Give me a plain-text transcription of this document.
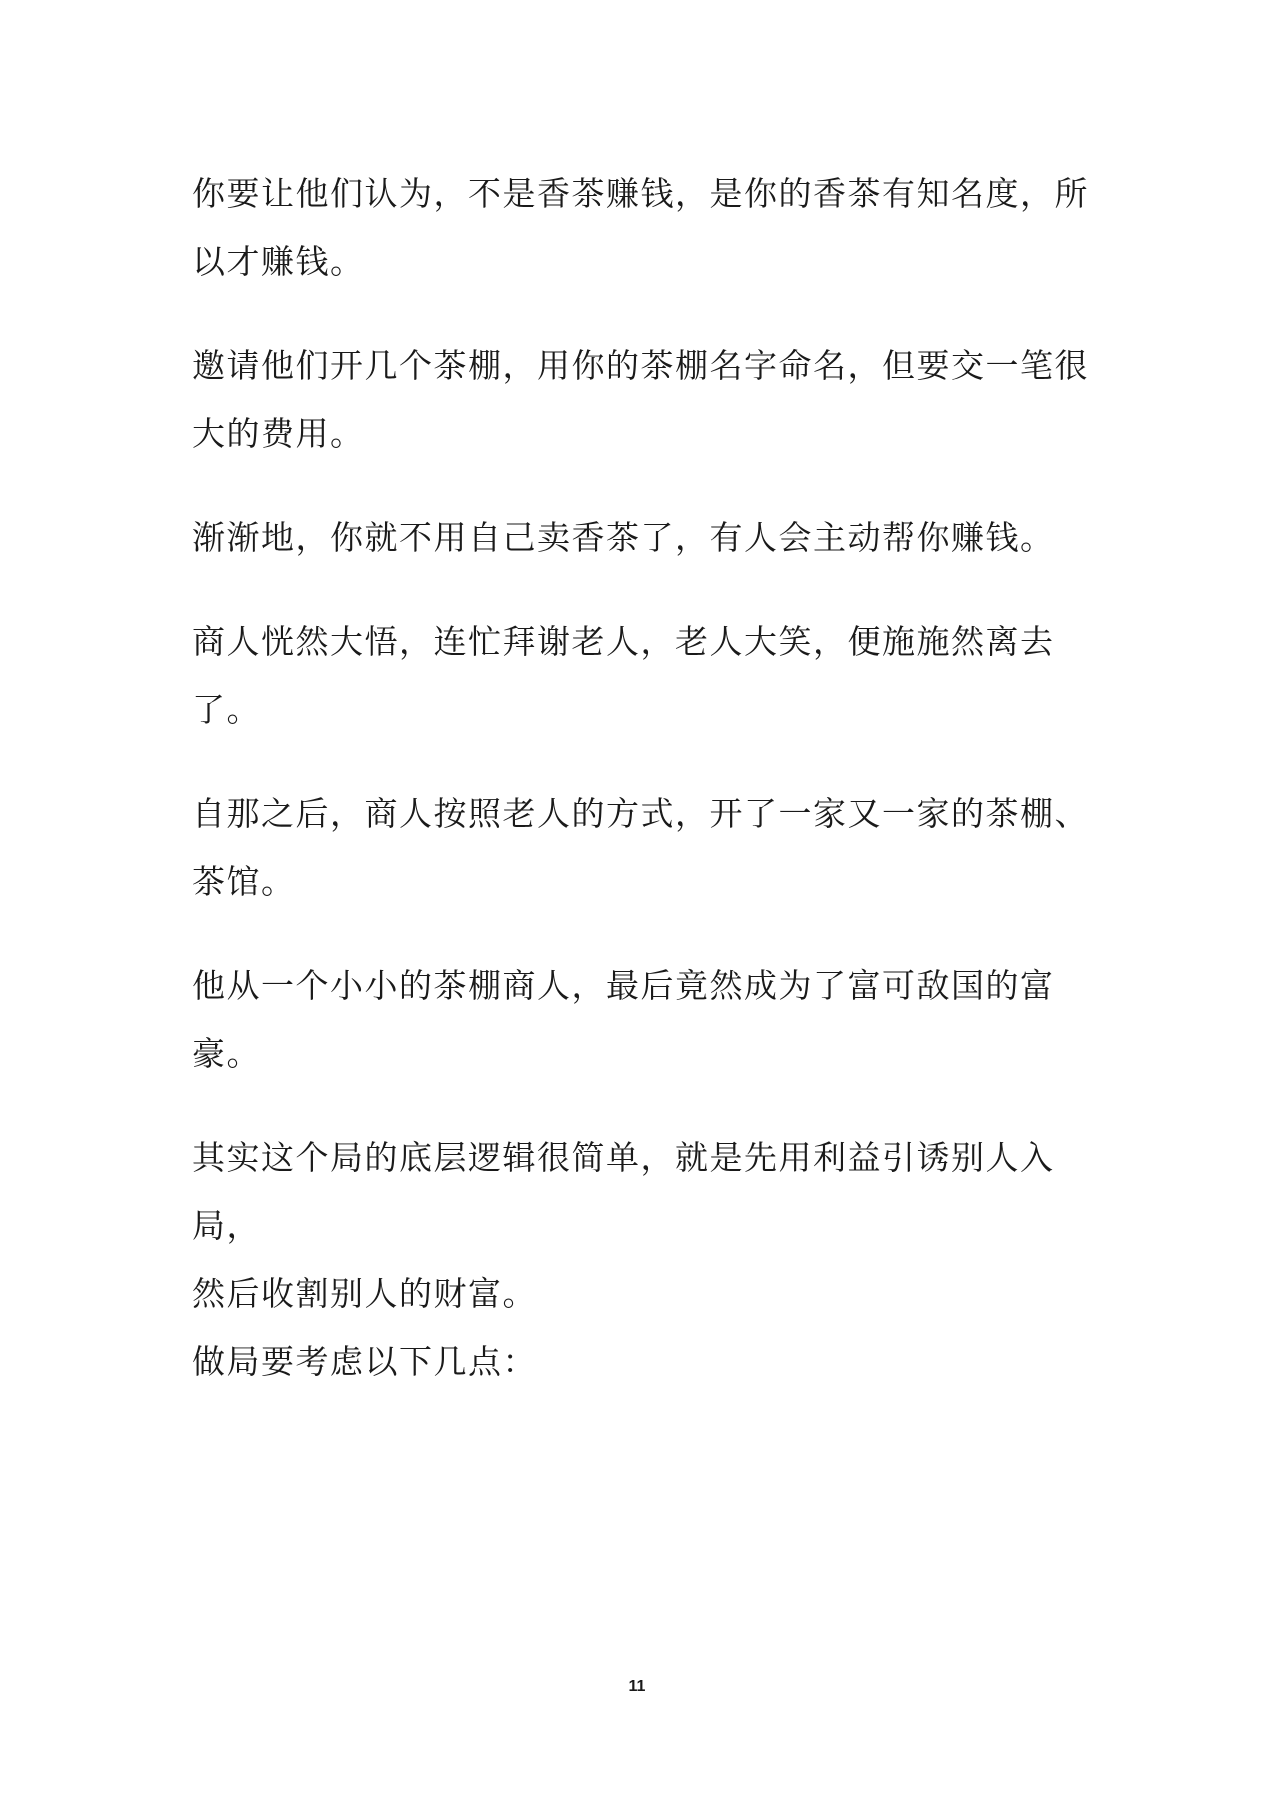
你要让他们认为，不是香茶赚钱，是你的香茶有知名度，所
以才赚钱。

邀请他们开几个茶棚，用你的茶棚名字命名，但要交一笔很
大的费用。

渐渐地，你就不用自己卖香茶了，有人会主动帮你赚钱。

商人恍然大悟，连忙拜谢老人，老人大笑，便施施然离去了。

自那之后，商人按照老人的方式，开了一家又一家的茶棚、
茶馆。

他从一个小小的茶棚商人，最后竟然成为了富可敌国的富豪。

其实这个局的底层逻辑很简单，就是先用利益引诱别人入局，
然后收割别人的财富。

做局要考虑以下几点：

11
